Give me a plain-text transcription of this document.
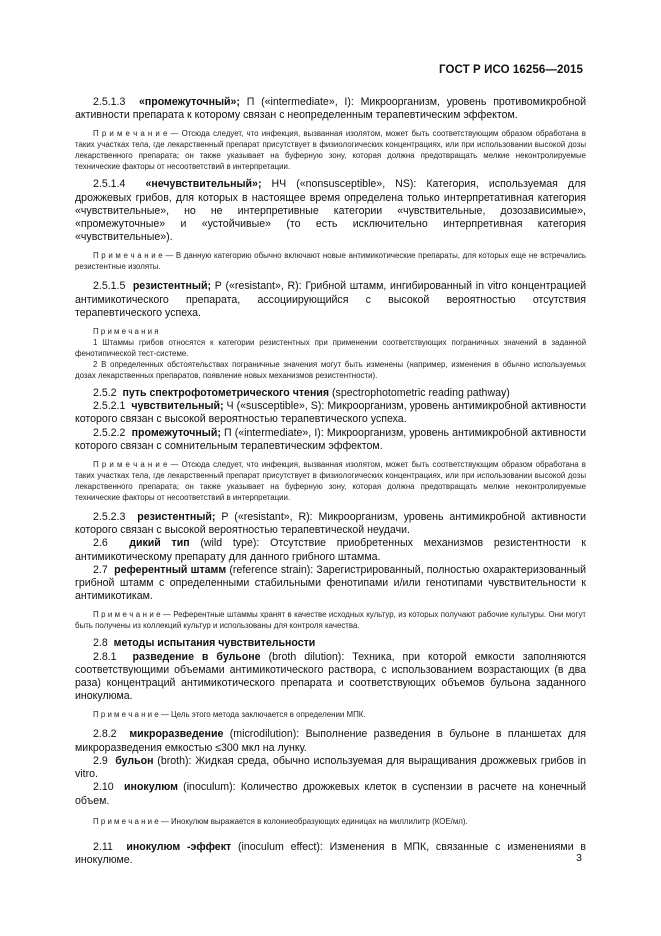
ГОСТ Р ИСО 16256—2015

2.5.1.3 «промежуточный»; П («intermediate», I): Микроорганизм, уровень противомикробной активности препарата к которому связан с неопределенным терапевтическим эффектом.

П р и м е ч а н и е — Отсюда следует, что инфекция, вызванная изолятом, может быть соответствующим образом обработана в таких участках тела, где лекарственный препарат присутствует в физиологических концентрациях, или при использовании высокой дозы лекарственного препарата; он также указывает на буферную зону, которая должна предотвращать мелкие неконтролируемые технические факторы от несоответствий в интерпретации.

2.5.1.4 «нечувствительный»; НЧ («nonsusceptible», NS): Категория, используемая для дрожжевых грибов, для которых в настоящее время определена только интерпретативная категория «чувствительные», но не интерпретивные категории «чувствительные, дозозависимые», «промежуточные» и «устойчивые» (то есть исключительно интерпретивная категория «чувствительные»).

П р и м е ч а н и е — В данную категорию обычно включают новые антимикотические препараты, для которых еще не встречались резистентные изоляты.

2.5.1.5 резистентный; Р («resistant», R): Грибной штамм, ингибированный in vitro концентрацией антимикотического препарата, ассоциирующийся с высокой вероятностью отсутствия терапевтического успеха.

П р и м е ч а н и я

1 Штаммы грибов относятся к категории резистентных при применении соответствующих пограничных значений в заданной фенотипической тест-системе.

2 В определенных обстоятельствах пограничные значения могут быть изменены (например, изменения в обычно используемых дозах лекарственных препаратов, появление новых механизмов резистентности).

2.5.2 путь спектрофотометрического чтения (spectrophotometric reading pathway)

2.5.2.1 чувствительный; Ч («susceptible», S): Микроорганизм, уровень антимикробной активности которого связан с высокой вероятностью терапевтического успеха.

2.5.2.2 промежуточный; П («intermediate», I): Микроорганизм, уровень антимикробной активности которого связан с сомнительным терапевтическим эффектом.

П р и м е ч а н и е — Отсюда следует, что инфекция, вызванная изолятом, может быть соответствующим образом обработана в таких участках тела, где лекарственный препарат присутствует в физиологических концентрациях, или при использовании высокой дозы лекарственного препарата; он также указывает на буферную зону, которая должна предотвращать мелкие неконтролируемые технические факторы от несоответствий в интерпретации.

2.5.2.3 резистентный; Р («resistant», R): Микроорганизм, уровень антимикробной активности которого связан с высокой вероятностью терапевтической неудачи.

2.6 дикий тип (wild type): Отсутствие приобретенных механизмов резистентности к антимикотическому препарату для данного грибного штамма.

2.7 референтный штамм (reference strain): Зарегистрированный, полностью охарактеризованный грибной штамм с определенными стабильными фенотипами и/или генотипами чувствительности к антимикотикам.

П р и м е ч а н и е — Референтные штаммы хранят в качестве исходных культур, из которых получают рабочие культуры. Они могут быть получены из коллекций культур и использованы для контроля качества.

2.8 методы испытания чувствительности

2.8.1 разведение в бульоне (broth dilution): Техника, при которой емкости заполняются соответствующими объемами антимикотического раствора, с использованием возрастающих (в два раза) концентраций антимикотического препарата и соответствующих объемов бульона заданного инокулюма.

П р и м е ч а н и е — Цель этого метода заключается в определении МПК.

2.8.2 микроразведение (microdilution): Выполнение разведения в бульоне в планшетах для микроразведения емкостью ≤300 мкл на лунку.

2.9 бульон (broth): Жидкая среда, обычно используемая для выращивания дрожжевых грибов in vitro.

2.10 инокулюм (inoculum): Количество дрожжевых клеток в суспензии в расчете на конечный объем.

П р и м е ч а н и е — Инокулюм выражается в колониеобразующих единицах на миллилитр (КОЕ/мл).

2.11 инокулюм -эффект (inoculum effect): Изменения в МПК, связанные с изменениями в инокулюме.	3
